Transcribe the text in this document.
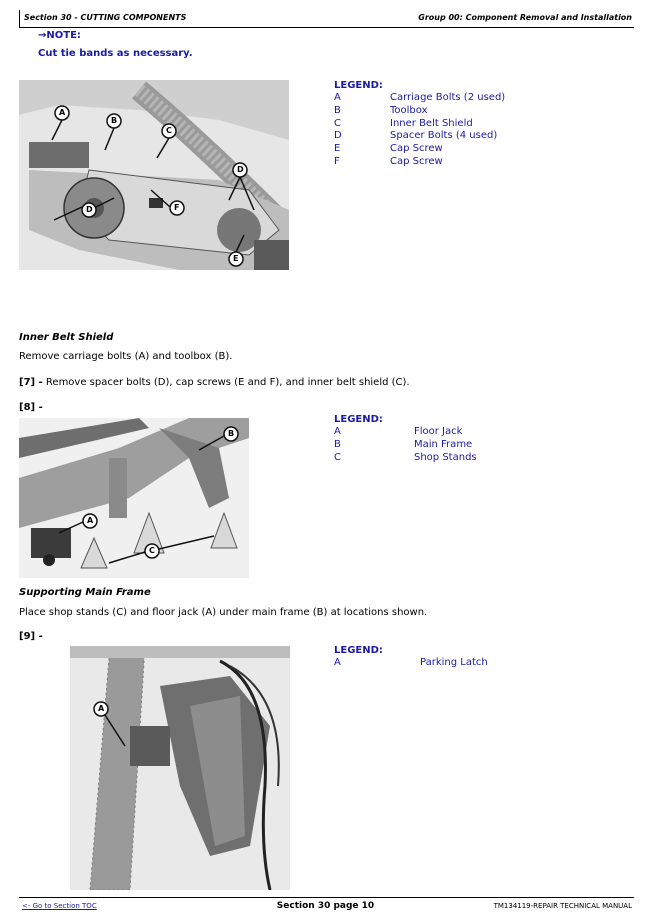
Section 30 - CUTTING COMPONENTS	Group 00: Component Removal and Installation
→NOTE:
Cut tie bands as necessary.
A
B
C
D
D
E
F
LEGEND:
A	Carriage Bolts (2 used)
B	Toolbox
C	Inner Belt Shield
D	Spacer Bolts (4 used)
E	Cap Screw
F	Cap Screw
Inner Belt Shield
Remove carriage bolts (A) and toolbox (B).
[7] - Remove spacer bolts (D), cap screws (E and F), and inner belt shield (C).
[8] -
A
B
C
LEGEND:
A	Floor Jack
B	Main Frame
C	Shop Stands
Supporting Main Frame
Place shop stands (C) and floor jack (A) under main frame (B) at locations shown.
[9] -
A
LEGEND:
A	Parking Latch
<- Go to Section TOC	Section 30 page 10	TM134119-REPAIR TECHNICAL MANUAL
